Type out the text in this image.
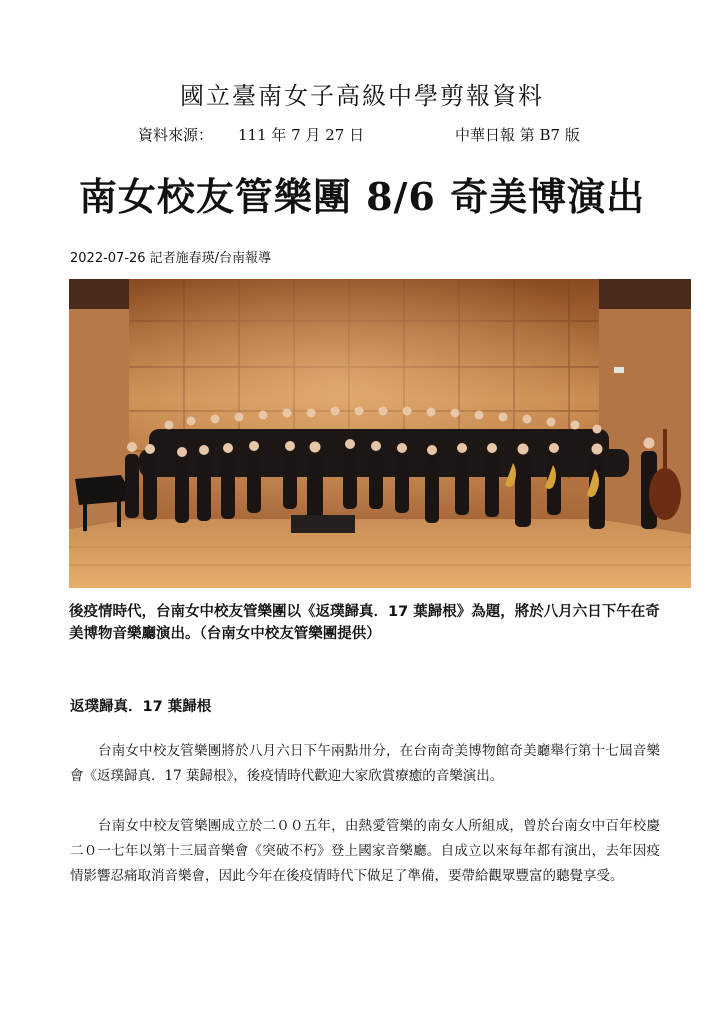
國立臺南女子高級中學剪報資料
資料來源： 111 年 7 月 27 日	中華日報 第 B7 版
南女校友管樂團 8/6 奇美博演出
2022-07-26 記者施春瑛/台南報導
後疫情時代，台南女中校友管樂團以《返璞歸真．17 葉歸根》為題，將於八月六日下午在奇美博物音樂廳演出。（台南女中校友管樂團提供）
返璞歸真．17 葉歸根

台南女中校友管樂團將於八月六日下午兩點卅分，在台南奇美博物館奇美廳舉行第十七屆音樂會《返璞歸真．17 葉歸根》，後疫情時代歡迎大家欣賞療癒的音樂演出。

台南女中校友管樂團成立於二００五年，由熱愛管樂的南女人所組成，曾於台南女中百年校慶二０一七年以第十三屆音樂會《突破不朽》登上國家音樂廳。自成立以來每年都有演出，去年因疫情影響忍痛取消音樂會，因此今年在後疫情時代下做足了準備，要帶給觀眾豐富的聽覺享受。
